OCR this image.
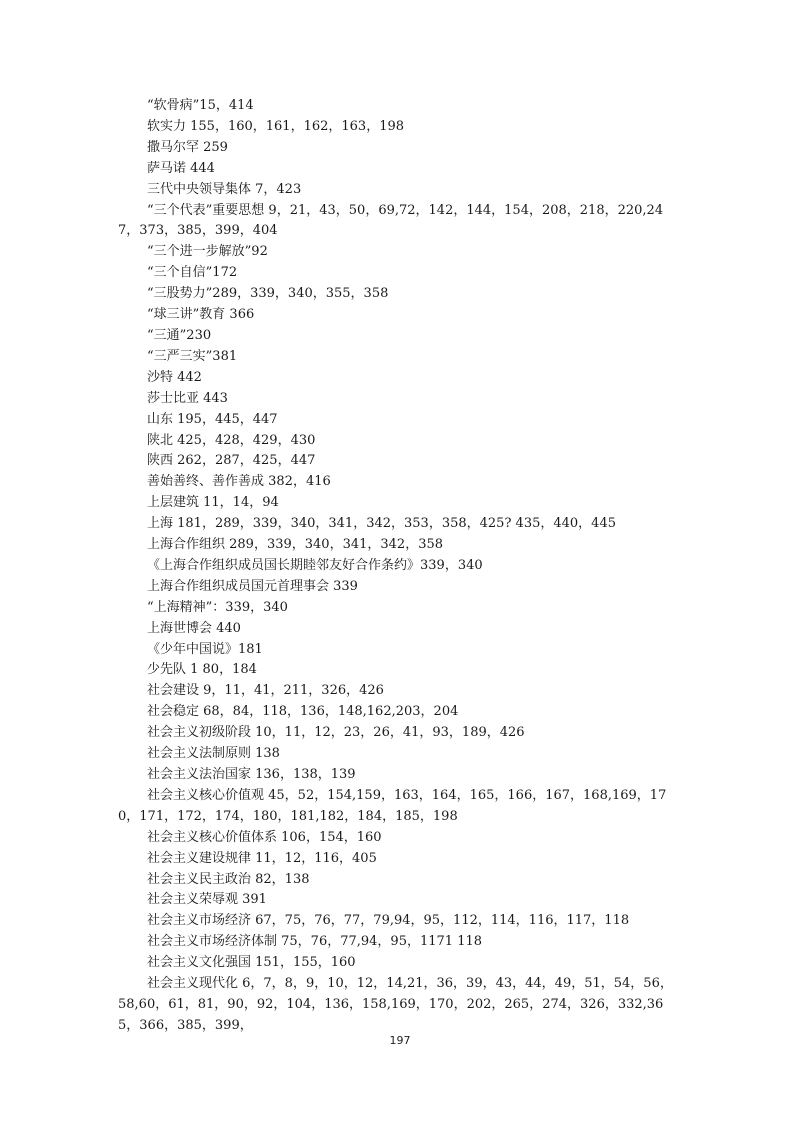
“软骨病”15，414
软实力 155，160，161，162，163，198
撒马尔罕 259
萨马诺 444
三代中央领导集体 7，423
“三个代表”重要思想 9，21，43，50，69,72，142，144，154，208，218，220,247，373，385，399，404
“三个进一步解放”92
“三个自信”172
“三股势力”289，339，340，355，358
“球三讲”教育 366
“三通”230
“三严三实”381
沙特 442
莎士比亚 443
山东 195，445，447
陕北 425，428，429，430
陕西 262，287，425，447
善始善终、善作善成 382，416
上层建筑 11，14，94
上海 181，289，339，340，341，342，353，358，425? 435，440，445
上海合作组织 289，339，340，341，342，358
《上海合作组织成员国长期睦邻友好合作条约》339，340
上海合作组织成员国元首理事会 339
“上海精神”：339，340
上海世博会 440
《少年中国说》181
少先队 1 80，184
社会建设 9，11，41，211，326，426
社会稳定 68，84，118，136，148,162,203，204
社会主义初级阶段 10，11，12，23，26，41，93，189，426
社会主义法制原则 138
社会主义法治国家 136，138，139
社会主义核心价值观 45，52，154,159，163，164，165，166，167，168,169，170，171，172，174，180，181,182，184，185，198
社会主义核心价值体系 106，154，160
社会主义建设规律 11，12，116，405
社会主义民主政治 82，138
社会主义荣辱观 391
社会主义市场经济 67，75，76，77，79,94，95，112，114，116，117，118
社会主义市场经济体制 75，76，77,94，95，1171 118
社会主义文化强国 151，155，160
社会主义现代化 6，7，8，9，10，12，14,21，36，39，43，44，49，51，54，56，58,60，61，81，90，92，104，136，158,169，170，202，265，274，326，332,365，366，385，399，
197
